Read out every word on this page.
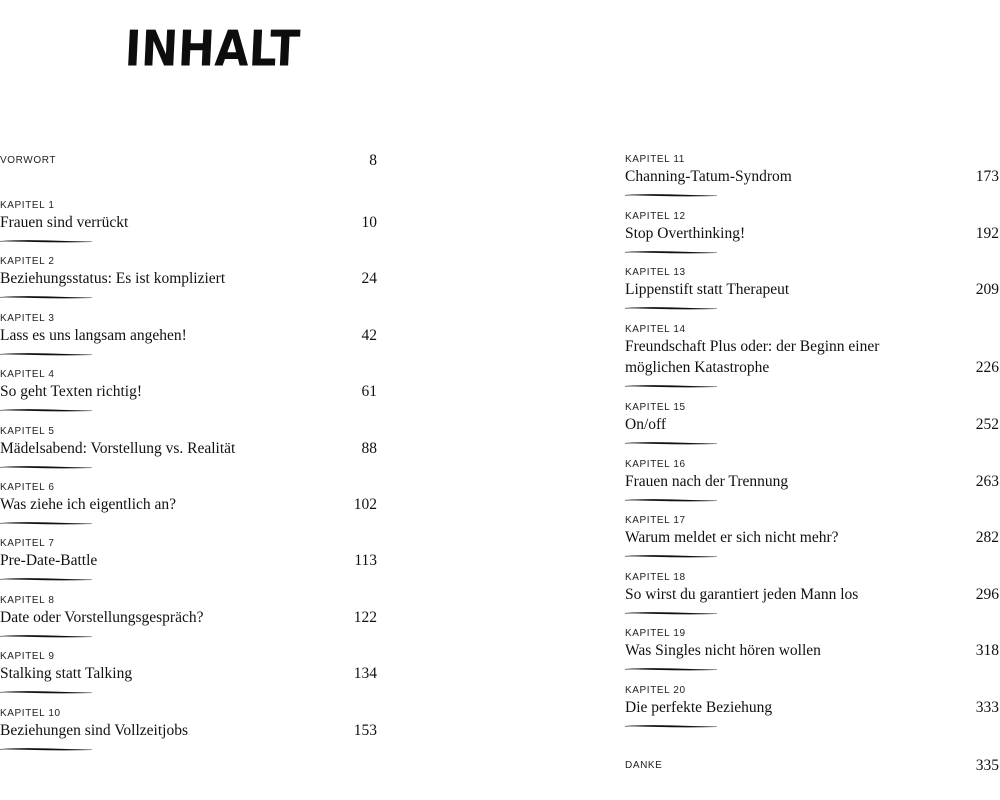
INHALT
VORWORT	8
KAPITEL 1
Frauen sind verrückt	10
KAPITEL 2
Beziehungsstatus: Es ist kompliziert	24
KAPITEL 3
Lass es uns langsam angehen!	42
KAPITEL 4
So geht Texten richtig!	61
KAPITEL 5
Mädelsabend: Vorstellung vs. Realität	88
KAPITEL 6
Was ziehe ich eigentlich an?	102
KAPITEL 7
Pre-Date-Battle	113
KAPITEL 8
Date oder Vorstellungsgespräch?	122
KAPITEL 9
Stalking statt Talking	134
KAPITEL 10
Beziehungen sind Vollzeitjobs	153
KAPITEL 11
Channing-Tatum-Syndrom	173
KAPITEL 12
Stop Overthinking!	192
KAPITEL 13
Lippenstift statt Therapeut	209
KAPITEL 14
Freundschaft Plus oder: der Beginn einer
möglichen Katastrophe	226
KAPITEL 15
On/off	252
KAPITEL 16
Frauen nach der Trennung	263
KAPITEL 17
Warum meldet er sich nicht mehr?	282
KAPITEL 18
So wirst du garantiert jeden Mann los	296
KAPITEL 19
Was Singles nicht hören wollen	318
KAPITEL 20
Die perfekte Beziehung	333
DANKE	335
